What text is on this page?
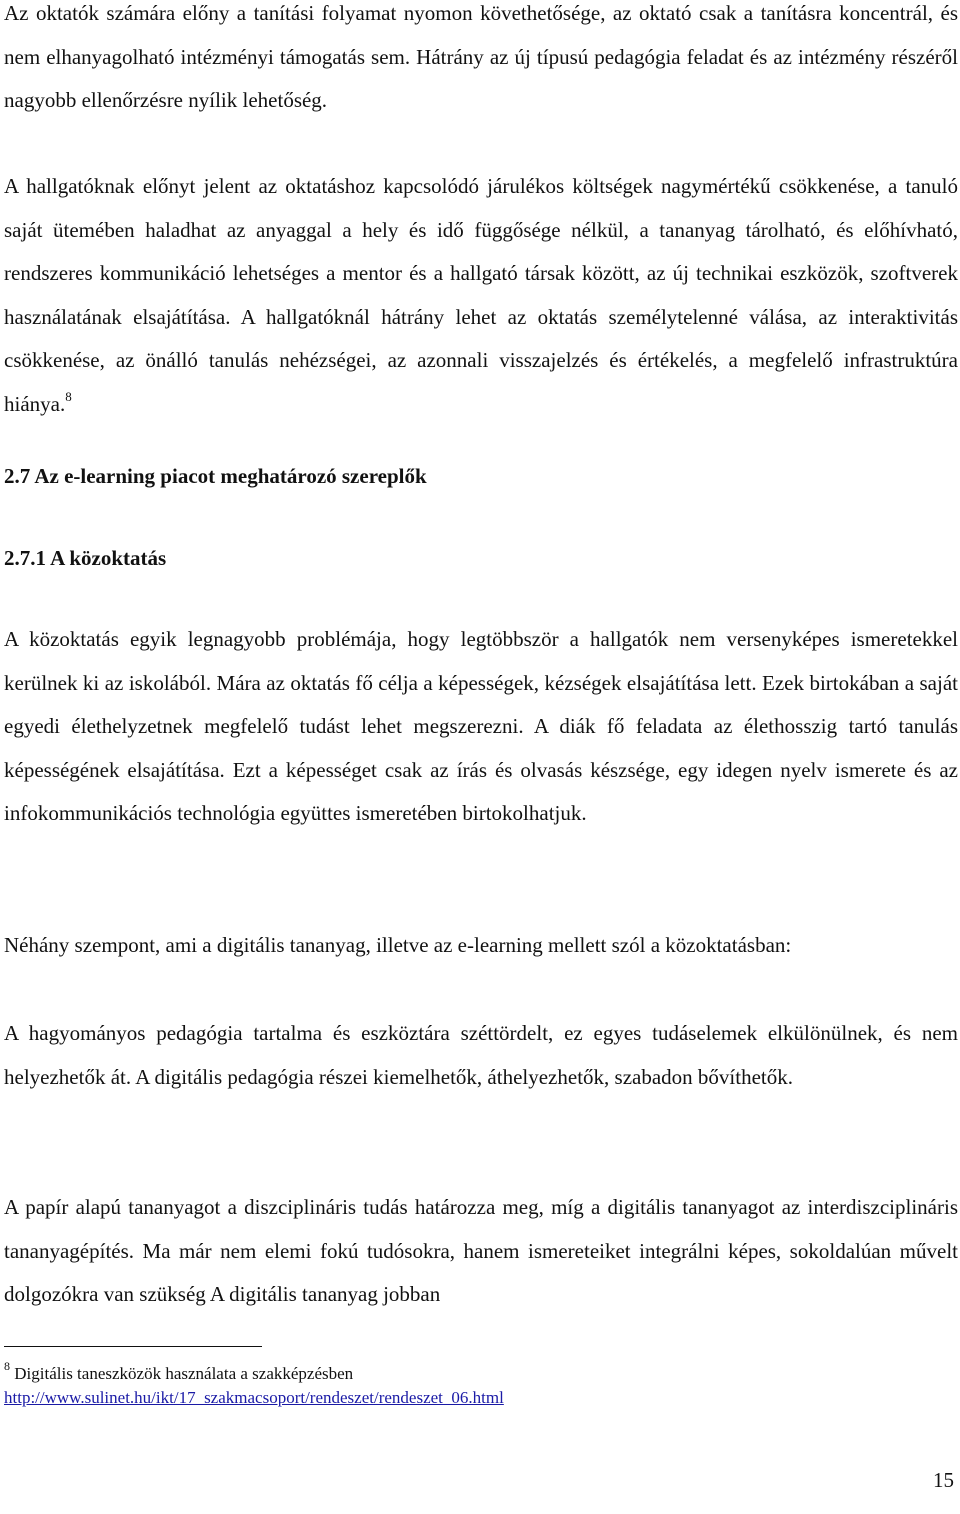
Az oktatók számára előny a tanítási folyamat nyomon követhetősége, az oktató csak a tanításra koncentrál, és nem elhanyagolható intézményi támogatás sem. Hátrány az új típusú pedagógia feladat és az intézmény részéről nagyobb ellenőrzésre nyílik lehetőség.

A hallgatóknak előnyt jelent az oktatáshoz kapcsolódó járulékos költségek nagymértékű csökkenése, a tanuló saját ütemében haladhat az anyaggal a hely és idő függősége nélkül, a tananyag tárolható, és előhívható, rendszeres kommunikáció lehetséges a mentor és a hallgató társak között, az új technikai eszközök, szoftverek használatának elsajátítása. A hallgatóknál hátrány lehet az oktatás személytelenné válása, az interaktivitás csökkenése, az önálló tanulás nehézségei, az azonnali visszajelzés és értékelés, a megfelelő infrastruktúra hiánya.$^8$

2.7 Az e-learning piacot meghatározó szereplők
2.7.1 A közoktatás

A közoktatás egyik legnagyobb problémája, hogy legtöbbször a hallgatók nem versenyképes ismeretekkel kerülnek ki az iskolából. Mára az oktatás fő célja a képességek, kézségek elsajátítása lett. Ezek birtokában a saját egyedi élethelyzetnek megfelelő tudást lehet megszerezni. A diák fő feladata az élethosszig tartó tanulás képességének elsajátítása. Ezt a képességet csak az írás és olvasás készsége, egy idegen nyelv ismerete és az infokommunikációs technológia együttes ismeretében birtokolhatjuk.

Néhány szempont, ami a digitális tananyag, illetve az e-learning mellett szól a közoktatásban:

A hagyományos pedagógia tartalma és eszköztára széttördelt, ez egyes tudáselemek elkülönülnek, és nem helyezhetők át. A digitális pedagógia részei kiemelhetők, áthelyezhetők, szabadon bővíthetők.

A papír alapú tananyagot a diszciplináris tudás határozza meg, míg a digitális tananyagot az interdiszciplináris tananyagépítés. Ma már nem elemi fokú tudósokra, hanem ismereteiket integrálni képes, sokoldalúan művelt dolgozókra van szükség A digitális tananyag jobban

$^8$ Digitális taneszközök használata a szakképzésben
http://www.sulinet.hu/ikt/17_szakmacsoport/rendeszet/rendeszet_06.html
15
